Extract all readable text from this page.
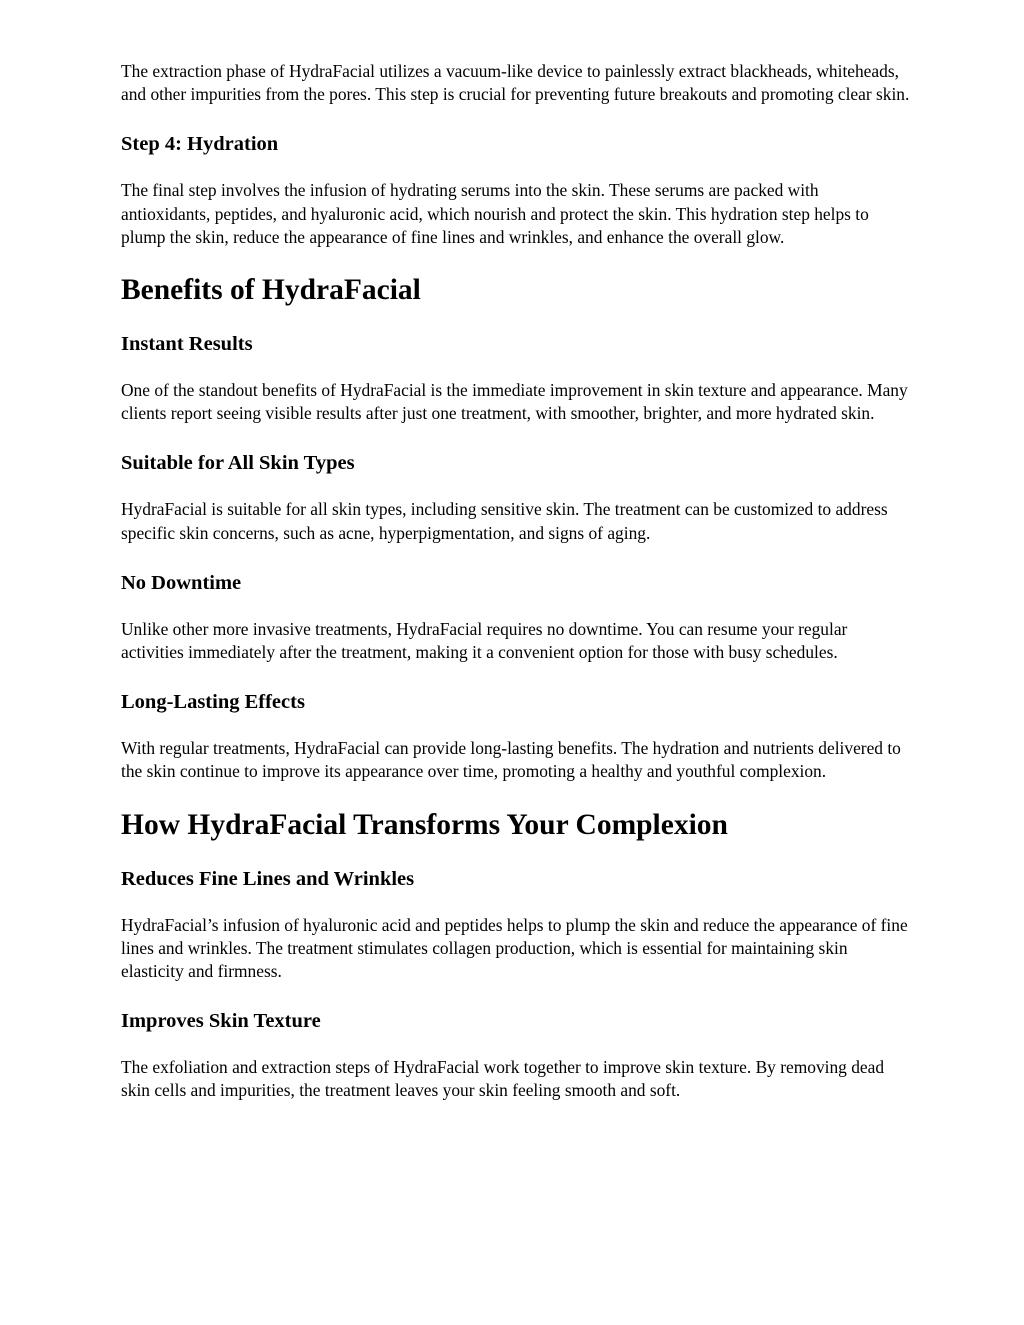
The extraction phase of HydraFacial utilizes a vacuum-like device to painlessly extract blackheads, whiteheads, and other impurities from the pores. This step is crucial for preventing future breakouts and promoting clear skin.

Step 4: Hydration

The final step involves the infusion of hydrating serums into the skin. These serums are packed with antioxidants, peptides, and hyaluronic acid, which nourish and protect the skin. This hydration step helps to plump the skin, reduce the appearance of fine lines and wrinkles, and enhance the overall glow.

Benefits of HydraFacial
Instant Results

One of the standout benefits of HydraFacial is the immediate improvement in skin texture and appearance. Many clients report seeing visible results after just one treatment, with smoother, brighter, and more hydrated skin.

Suitable for All Skin Types

HydraFacial is suitable for all skin types, including sensitive skin. The treatment can be customized to address specific skin concerns, such as acne, hyperpigmentation, and signs of aging.

No Downtime

Unlike other more invasive treatments, HydraFacial requires no downtime. You can resume your regular activities immediately after the treatment, making it a convenient option for those with busy schedules.

Long-Lasting Effects

With regular treatments, HydraFacial can provide long-lasting benefits. The hydration and nutrients delivered to the skin continue to improve its appearance over time, promoting a healthy and youthful complexion.

How HydraFacial Transforms Your Complexion
Reduces Fine Lines and Wrinkles

HydraFacial’s infusion of hyaluronic acid and peptides helps to plump the skin and reduce the appearance of fine lines and wrinkles. The treatment stimulates collagen production, which is essential for maintaining skin elasticity and firmness.

Improves Skin Texture

The exfoliation and extraction steps of HydraFacial work together to improve skin texture. By removing dead skin cells and impurities, the treatment leaves your skin feeling smooth and soft.
